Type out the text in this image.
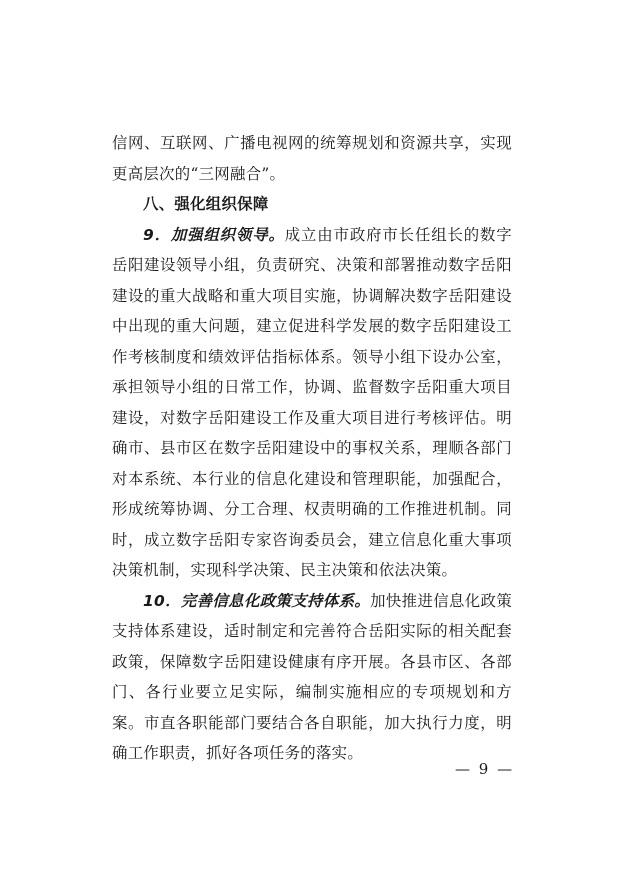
信网、互联网、广播电视网的统筹规划和资源共享，实现更高层次的“三网融合”。

八、强化组织保障

9．加强组织领导。成立由市政府市长任组长的数字岳阳建设领导小组，负责研究、决策和部署推动数字岳阳建设的重大战略和重大项目实施，协调解决数字岳阳建设中出现的重大问题，建立促进科学发展的数字岳阳建设工作考核制度和绩效评估指标体系。领导小组下设办公室，承担领导小组的日常工作，协调、监督数字岳阳重大项目建设，对数字岳阳建设工作及重大项目进行考核评估。明确市、县市区在数字岳阳建设中的事权关系，理顺各部门对本系统、本行业的信息化建设和管理职能，加强配合，形成统筹协调、分工合理、权责明确的工作推进机制。同时，成立数字岳阳专家咨询委员会，建立信息化重大事项决策机制，实现科学决策、民主决策和依法决策。

10．完善信息化政策支持体系。加快推进信息化政策支持体系建设，适时制定和完善符合岳阳实际的相关配套政策，保障数字岳阳建设健康有序开展。各县市区、各部门、各行业要立足实际，编制实施相应的专项规划和方案。市直各职能部门要结合各自职能，加大执行力度，明确工作职责，抓好各项任务的落实。

— 9 —
